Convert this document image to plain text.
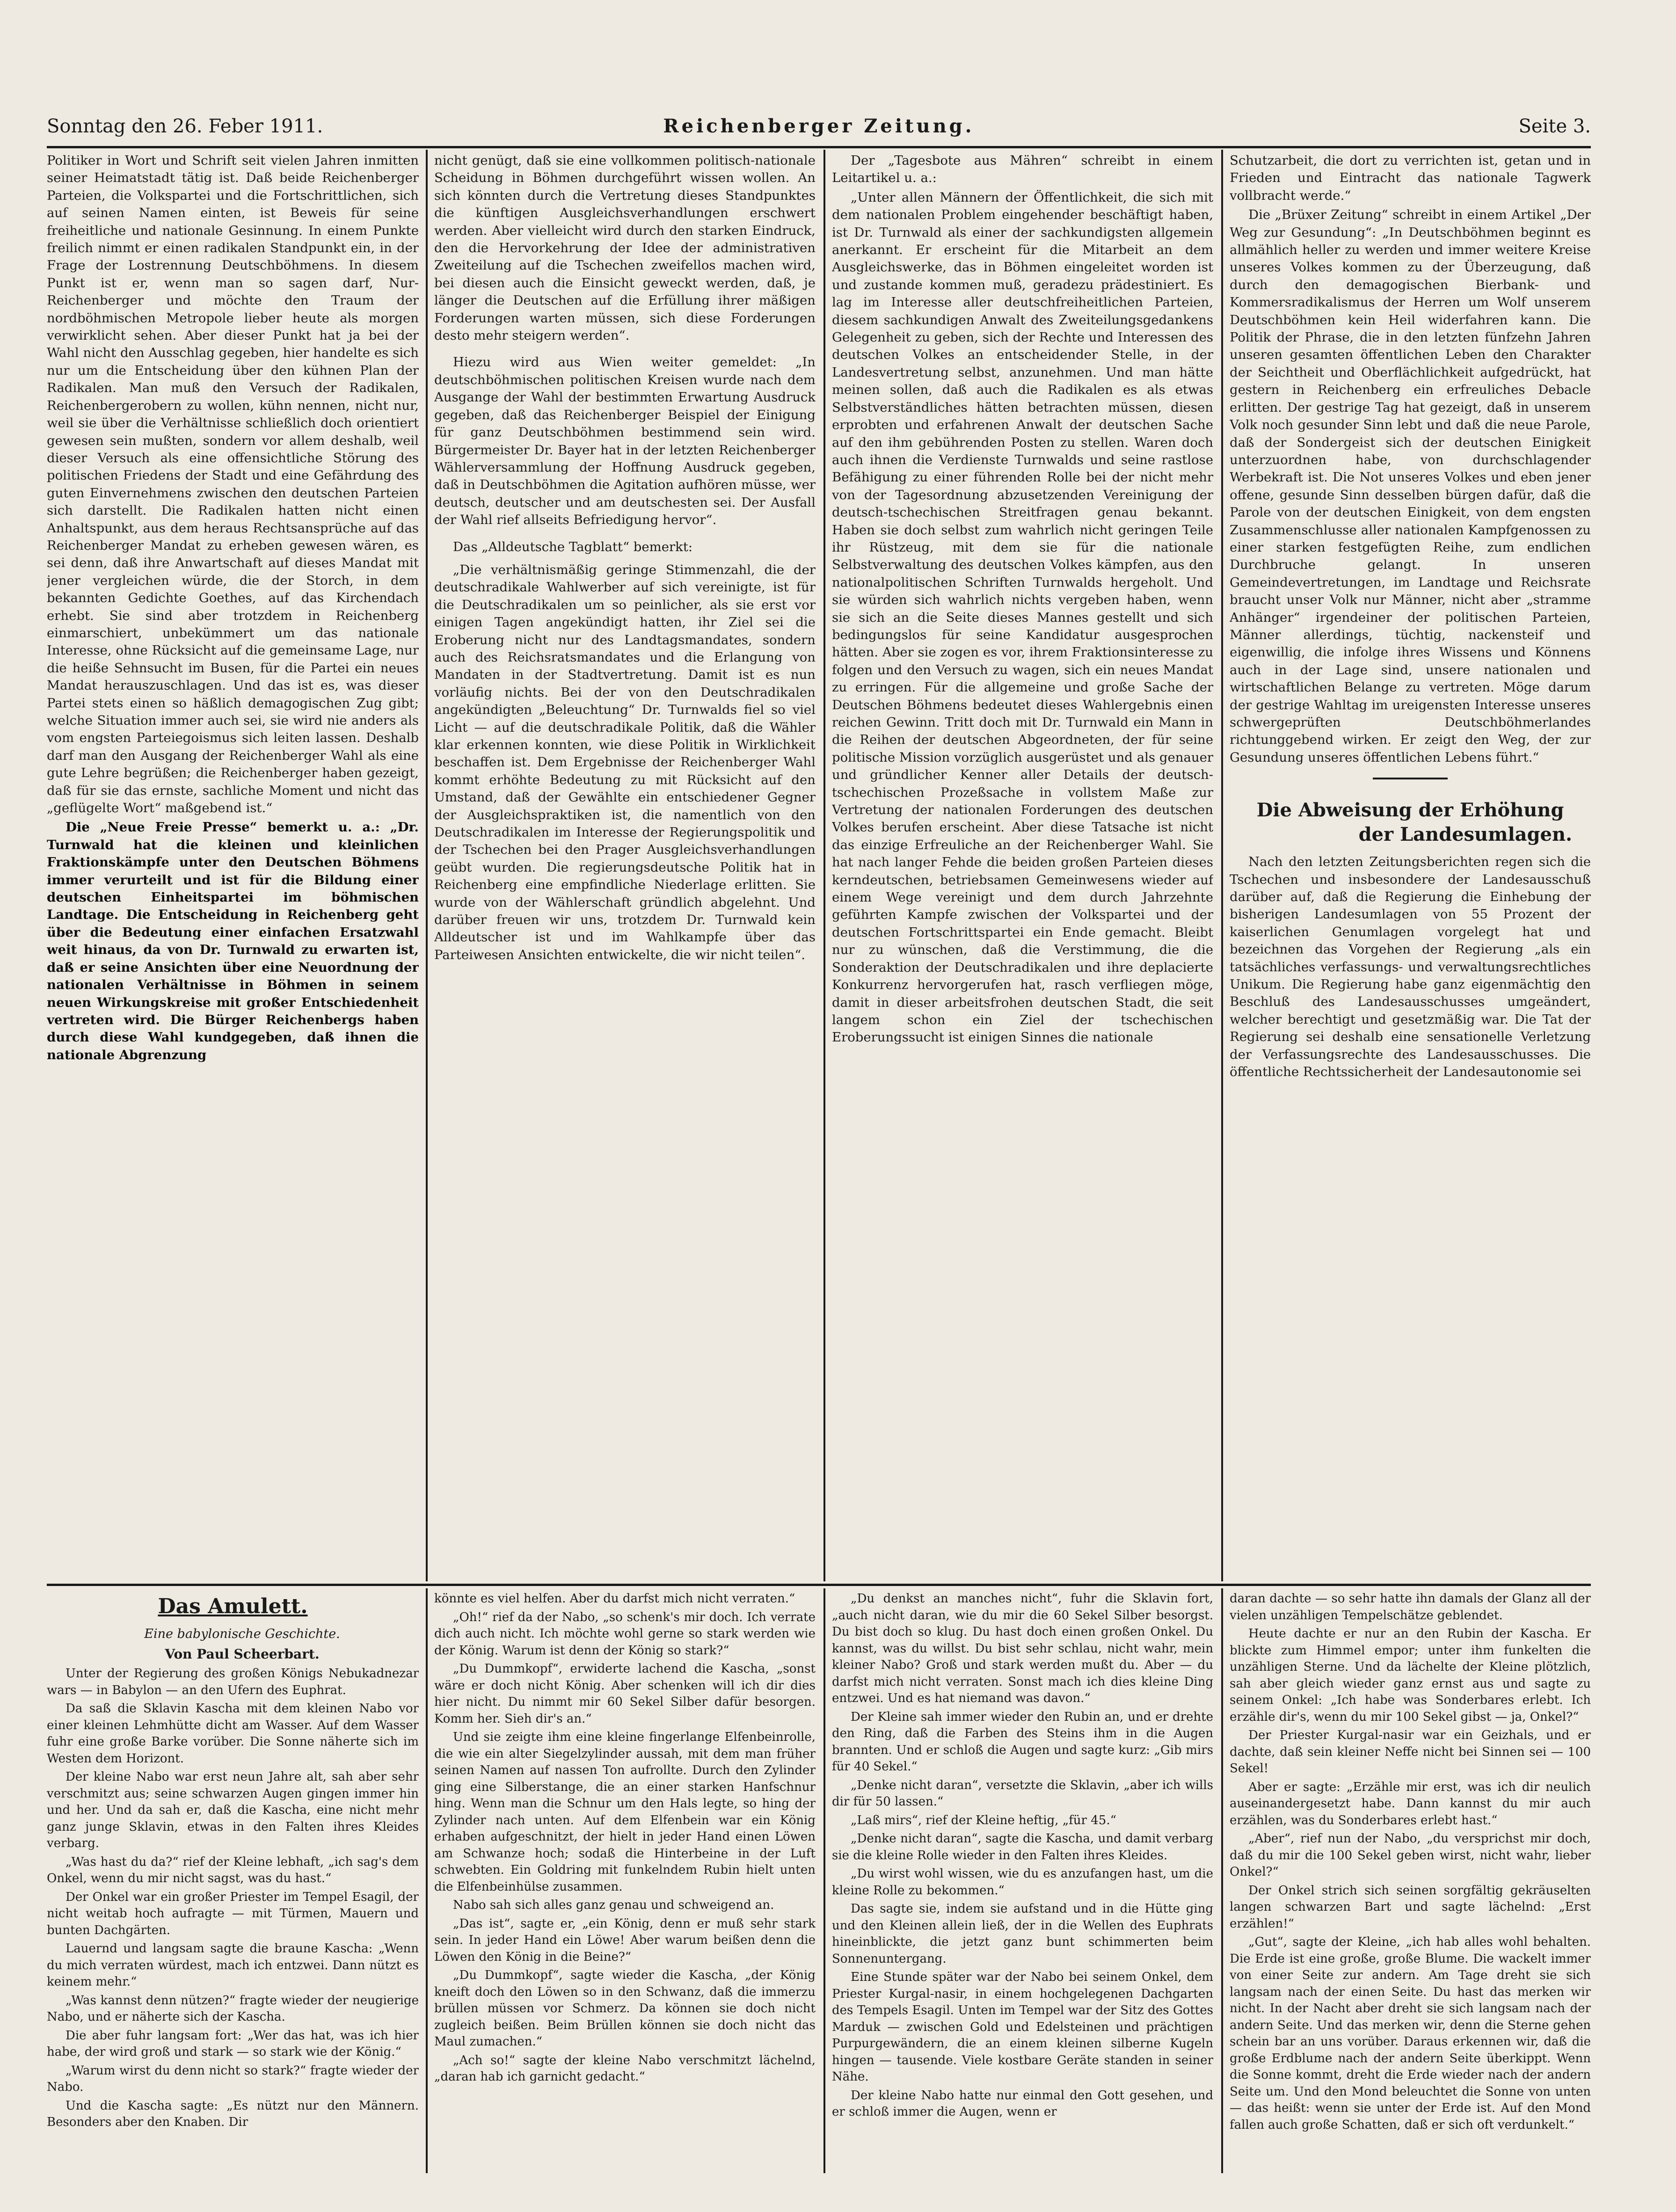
Sonntag den 26. Feber 1911.	Reichenberger Zeitung.	Seite 3.

Politiker in Wort und Schrift seit vielen Jahren inmitten seiner Heimatstadt tätig ist. Daß beide Reichenberger Parteien, die Volkspartei und die Fortschrittlichen, sich auf seinen Namen einten, ist Beweis für seine freiheitliche und nationale Gesinnung. In einem Punkte freilich nimmt er einen radikalen Standpunkt ein, in der Frage der Lostrennung Deutschböhmens. In diesem Punkt ist er, wenn man so sagen darf, Nur-Reichenberger und möchte den Traum der nordböhmischen Metropole lieber heute als morgen verwirklicht sehen. Aber dieser Punkt hat ja bei der Wahl nicht den Ausschlag gegeben, hier handelte es sich nur um die Entscheidung über den kühnen Plan der Radikalen. Man muß den Versuch der Radikalen, Reichenbergerobern zu wollen, kühn nennen, nicht nur, weil sie über die Verhältnisse schließlich doch orientiert gewesen sein mußten, sondern vor allem deshalb, weil dieser Versuch als eine offensichtliche Störung des politischen Friedens der Stadt und eine Gefährdung des guten Einvernehmens zwischen den deutschen Parteien sich darstellt. Die Radikalen hatten nicht einen Anhaltspunkt, aus dem heraus Rechtsansprüche auf das Reichenberger Mandat zu erheben gewesen wären, es sei denn, daß ihre Anwartschaft auf dieses Mandat mit jener vergleichen würde, die der Storch, in dem bekannten Gedichte Goethes, auf das Kirchendach erhebt. Sie sind aber trotzdem in Reichenberg einmarschiert, unbekümmert um das nationale Interesse, ohne Rücksicht auf die gemeinsame Lage, nur die heiße Sehnsucht im Busen, für die Partei ein neues Mandat herauszuschlagen. Und das ist es, was dieser Partei stets einen so häßlich demagogischen Zug gibt; welche Situation immer auch sei, sie wird nie anders als vom engsten Parteiegoismus sich leiten lassen. Deshalb darf man den Ausgang der Reichenberger Wahl als eine gute Lehre begrüßen; die Reichenberger haben gezeigt, daß für sie das ernste, sachliche Moment und nicht das „geflügelte Wort“ maßgebend ist.“

Die „Neue Freie Presse“ bemerkt u. a.: „Dr. Turnwald hat die kleinen und kleinlichen Fraktionskämpfe unter den Deutschen Böhmens immer verurteilt und ist für die Bildung einer deutschen Einheitspartei im böhmischen Landtage. Die Entscheidung in Reichenberg geht über die Bedeutung einer einfachen Ersatzwahl weit hinaus, da von Dr. Turnwald zu erwarten ist, daß er seine Ansichten über eine Neuordnung der nationalen Verhältnisse in Böhmen in seinem neuen Wirkungskreise mit großer Entschiedenheit vertreten wird. Die Bürger Reichenbergs haben durch diese Wahl kundgegeben, daß ihnen die nationale Abgrenzung

nicht genügt, daß sie eine vollkommen politisch-nationale Scheidung in Böhmen durchgeführt wissen wollen. An sich könnten durch die Vertretung dieses Standpunktes die künftigen Ausgleichsverhandlungen erschwert werden. Aber vielleicht wird durch den starken Eindruck, den die Hervorkehrung der Idee der administrativen Zweiteilung auf die Tschechen zweifellos machen wird, bei diesen auch die Einsicht geweckt werden, daß, je länger die Deutschen auf die Erfüllung ihrer mäßigen Forderungen warten müssen, sich diese Forderungen desto mehr steigern werden“.

Hiezu wird aus Wien weiter gemeldet: „In deutschböhmischen politischen Kreisen wurde nach dem Ausgange der Wahl der bestimmten Erwartung Ausdruck gegeben, daß das Reichenberger Beispiel der Einigung für ganz Deutschböhmen bestimmend sein wird. Bürgermeister Dr. Bayer hat in der letzten Reichenberger Wählerversammlung der Hoffnung Ausdruck gegeben, daß in Deutschböhmen die Agitation aufhören müsse, wer deutsch, deutscher und am deutschesten sei. Der Ausfall der Wahl rief allseits Befriedigung hervor“.

Das „Alldeutsche Tagblatt“ bemerkt:

„Die verhältnismäßig geringe Stimmenzahl, die der deutschradikale Wahlwerber auf sich vereinigte, ist für die Deutschradikalen um so peinlicher, als sie erst vor einigen Tagen angekündigt hatten, ihr Ziel sei die Eroberung nicht nur des Landtagsmandates, sondern auch des Reichsratsmandates und die Erlangung von Mandaten in der Stadtvertretung. Damit ist es nun vorläufig nichts. Bei der von den Deutschradikalen angekündigten „Beleuchtung“ Dr. Turnwalds fiel so viel Licht — auf die deutschradikale Politik, daß die Wähler klar erkennen konnten, wie diese Politik in Wirklichkeit beschaffen ist. Dem Ergebnisse der Reichenberger Wahl kommt erhöhte Bedeutung zu mit Rücksicht auf den Umstand, daß der Gewählte ein entschiedener Gegner der Ausgleichspraktiken ist, die namentlich von den Deutschradikalen im Interesse der Regierungspolitik und der Tschechen bei den Prager Ausgleichsverhandlungen geübt wurden. Die regierungsdeutsche Politik hat in Reichenberg eine empfindliche Niederlage erlitten. Sie wurde von der Wählerschaft gründlich abgelehnt. Und darüber freuen wir uns, trotzdem Dr. Turnwald kein Alldeutscher ist und im Wahlkampfe über das Parteiwesen Ansichten entwickelte, die wir nicht teilen“.

Der „Tagesbote aus Mähren“ schreibt in einem Leitartikel u. a.:

„Unter allen Männern der Öffentlichkeit, die sich mit dem nationalen Problem eingehender beschäftigt haben, ist Dr. Turnwald als einer der sachkundigsten allgemein anerkannt. Er erscheint für die Mitarbeit an dem Ausgleichswerke, das in Böhmen eingeleitet worden ist und zustande kommen muß, geradezu prädestiniert. Es lag im Interesse aller deutschfreiheitlichen Parteien, diesem sachkundigen Anwalt des Zweiteilungsgedankens Gelegenheit zu geben, sich der Rechte und Interessen des deutschen Volkes an entscheidender Stelle, in der Landesvertretung selbst, anzunehmen. Und man hätte meinen sollen, daß auch die Radikalen es als etwas Selbstverständliches hätten betrachten müssen, diesen erprobten und erfahrenen Anwalt der deutschen Sache auf den ihm gebührenden Posten zu stellen. Waren doch auch ihnen die Verdienste Turnwalds und seine rastlose Befähigung zu einer führenden Rolle bei der nicht mehr von der Tagesordnung abzusetzenden Vereinigung der deutsch-tschechischen Streitfragen genau bekannt. Haben sie doch selbst zum wahrlich nicht geringen Teile ihr Rüstzeug, mit dem sie für die nationale Selbstverwaltung des deutschen Volkes kämpfen, aus den nationalpolitischen Schriften Turnwalds hergeholt. Und sie würden sich wahrlich nichts vergeben haben, wenn sie sich an die Seite dieses Mannes gestellt und sich bedingungslos für seine Kandidatur ausgesprochen hätten. Aber sie zogen es vor, ihrem Fraktionsinteresse zu folgen und den Versuch zu wagen, sich ein neues Mandat zu erringen. Für die allgemeine und große Sache der Deutschen Böhmens bedeutet dieses Wahlergebnis einen reichen Gewinn. Tritt doch mit Dr. Turnwald ein Mann in die Reihen der deutschen Abgeordneten, der für seine politische Mission vorzüglich ausgerüstet und als genauer und gründlicher Kenner aller Details der deutsch-tschechischen Prozeßsache in vollstem Maße zur Vertretung der nationalen Forderungen des deutschen Volkes berufen erscheint. Aber diese Tatsache ist nicht das einzige Erfreuliche an der Reichenberger Wahl. Sie hat nach langer Fehde die beiden großen Parteien dieses kerndeutschen, betriebsamen Gemeinwesens wieder auf einem Wege vereinigt und dem durch Jahrzehnte geführten Kampfe zwischen der Volkspartei und der deutschen Fortschrittspartei ein Ende gemacht. Bleibt nur zu wünschen, daß die Verstimmung, die die Sonderaktion der Deutschradikalen und ihre deplacierte Konkurrenz hervorgerufen hat, rasch verfliegen möge, damit in dieser arbeitsfrohen deutschen Stadt, die seit langem schon ein Ziel der tschechischen Eroberungssucht ist einigen Sinnes die nationale

Schutzarbeit, die dort zu verrichten ist, getan und in Frieden und Eintracht das nationale Tagwerk vollbracht werde.“

Die „Brüxer Zeitung“ schreibt in einem Artikel „Der Weg zur Gesundung“: „In Deutschböhmen beginnt es allmählich heller zu werden und immer weitere Kreise unseres Volkes kommen zu der Überzeugung, daß durch den demagogischen Bierbank- und Kommersradikalismus der Herren um Wolf unserem Deutschböhmen kein Heil widerfahren kann. Die Politik der Phrase, die in den letzten fünfzehn Jahren unseren gesamten öffentlichen Leben den Charakter der Seichtheit und Oberflächlichkeit aufgedrückt, hat gestern in Reichenberg ein erfreuliches Debacle erlitten. Der gestrige Tag hat gezeigt, daß in unserem Volk noch gesunder Sinn lebt und daß die neue Parole, daß der Sondergeist sich der deutschen Einigkeit unterzuordnen habe, von durchschlagender Werbekraft ist. Die Not unseres Volkes und eben jener offene, gesunde Sinn desselben bürgen dafür, daß die Parole von der deutschen Einigkeit, von dem engsten Zusammenschlusse aller nationalen Kampfgenossen zu einer starken festgefügten Reihe, zum endlichen Durchbruche gelangt. In unseren Gemeindevertretungen, im Landtage und Reichsrate braucht unser Volk nur Männer, nicht aber „stramme Anhänger“ irgendeiner der politischen Parteien, Männer allerdings, tüchtig, nackensteif und eigenwillig, die infolge ihres Wissens und Könnens auch in der Lage sind, unsere nationalen und wirtschaftlichen Belange zu vertreten. Möge darum der gestrige Wahltag im ureigensten Interesse unseres schwergeprüften Deutschböhmerlandes richtunggebend wirken. Er zeigt den Weg, der zur Gesundung unseres öffentlichen Lebens führt.“

Die Abweisung der Erhöhung
der Landesumlagen.

Nach den letzten Zeitungsberichten regen sich die Tschechen und insbesondere der Landesausschuß darüber auf, daß die Regierung die Einhebung der bisherigen Landesumlagen von 55 Prozent der kaiserlichen Genumlagen vorgelegt hat und bezeichnen das Vorgehen der Regierung „als ein tatsächliches verfassungs- und verwaltungsrechtliches Unikum. Die Regierung habe ganz eigenmächtig den Beschluß des Landesausschusses umgeändert, welcher berechtigt und gesetzmäßig war. Die Tat der Regierung sei deshalb eine sensationelle Verletzung der Verfassungsrechte des Landesausschusses. Die öffentliche Rechtssicherheit der Landesautonomie sei

Das Amulett.

Eine babylonische Geschichte.

Von Paul Scheerbart.

Unter der Regierung des großen Königs Nebukadnezar wars — in Babylon — an den Ufern des Euphrat.

Da saß die Sklavin Kascha mit dem kleinen Nabo vor einer kleinen Lehmhütte dicht am Wasser. Auf dem Wasser fuhr eine große Barke vorüber. Die Sonne näherte sich im Westen dem Horizont.

Der kleine Nabo war erst neun Jahre alt, sah aber sehr verschmitzt aus; seine schwarzen Augen gingen immer hin und her. Und da sah er, daß die Kascha, eine nicht mehr ganz junge Sklavin, etwas in den Falten ihres Kleides verbarg.

„Was hast du da?“ rief der Kleine lebhaft, „ich sag's dem Onkel, wenn du mir nicht sagst, was du hast.“

Der Onkel war ein großer Priester im Tempel Esagil, der nicht weitab hoch aufragte — mit Türmen, Mauern und bunten Dachgärten.

Lauernd und langsam sagte die braune Kascha: „Wenn du mich verraten würdest, mach ich entzwei. Dann nützt es keinem mehr.“

„Was kannst denn nützen?“ fragte wieder der neugierige Nabo, und er näherte sich der Kascha.

Die aber fuhr langsam fort: „Wer das hat, was ich hier habe, der wird groß und stark — so stark wie der König.“

„Warum wirst du denn nicht so stark?“ fragte wieder der Nabo.

Und die Kascha sagte: „Es nützt nur den Männern. Besonders aber den Knaben. Dir

könnte es viel helfen. Aber du darfst mich nicht verraten.“

„Oh!“ rief da der Nabo, „so schenk's mir doch. Ich verrate dich auch nicht. Ich möchte wohl gerne so stark werden wie der König. Warum ist denn der König so stark?“

„Du Dummkopf“, erwiderte lachend die Kascha, „sonst wäre er doch nicht König. Aber schenken will ich dir dies hier nicht. Du nimmt mir 60 Sekel Silber dafür besorgen. Komm her. Sieh dir's an.“

Und sie zeigte ihm eine kleine fingerlange Elfenbeinrolle, die wie ein alter Siegelzylinder aussah, mit dem man früher seinen Namen auf nassen Ton aufrollte. Durch den Zylinder ging eine Silberstange, die an einer starken Hanfschnur hing. Wenn man die Schnur um den Hals legte, so hing der Zylinder nach unten. Auf dem Elfenbein war ein König erhaben aufgeschnitzt, der hielt in jeder Hand einen Löwen am Schwanze hoch; sodaß die Hinterbeine in der Luft schwebten. Ein Goldring mit funkelndem Rubin hielt unten die Elfenbeinhülse zusammen.

Nabo sah sich alles ganz genau und schweigend an.

„Das ist“, sagte er, „ein König, denn er muß sehr stark sein. In jeder Hand ein Löwe! Aber warum beißen denn die Löwen den König in die Beine?“

„Du Dummkopf“, sagte wieder die Kascha, „der König kneift doch den Löwen so in den Schwanz, daß die immerzu brüllen müssen vor Schmerz. Da können sie doch nicht zugleich beißen. Beim Brüllen können sie doch nicht das Maul zumachen.“

„Ach so!“ sagte der kleine Nabo verschmitzt lächelnd, „daran hab ich garnicht gedacht.“

„Du denkst an manches nicht“, fuhr die Sklavin fort, „auch nicht daran, wie du mir die 60 Sekel Silber besorgst. Du bist doch so klug. Du hast doch einen großen Onkel. Du kannst, was du willst. Du bist sehr schlau, nicht wahr, mein kleiner Nabo? Groß und stark werden mußt du. Aber — du darfst mich nicht verraten. Sonst mach ich dies kleine Ding entzwei. Und es hat niemand was davon.“

Der Kleine sah immer wieder den Rubin an, und er drehte den Ring, daß die Farben des Steins ihm in die Augen brannten. Und er schloß die Augen und sagte kurz: „Gib mirs für 40 Sekel.“

„Denke nicht daran“, versetzte die Sklavin, „aber ich wills dir für 50 lassen.“

„Laß mirs“, rief der Kleine heftig, „für 45.“

„Denke nicht daran“, sagte die Kascha, und damit verbarg sie die kleine Rolle wieder in den Falten ihres Kleides.

„Du wirst wohl wissen, wie du es anzufangen hast, um die kleine Rolle zu bekommen.“

Das sagte sie, indem sie aufstand und in die Hütte ging und den Kleinen allein ließ, der in die Wellen des Euphrats hineinblickte, die jetzt ganz bunt schimmerten beim Sonnenuntergang.

Eine Stunde später war der Nabo bei seinem Onkel, dem Priester Kurgal-nasir, in einem hochgelegenen Dachgarten des Tempels Esagil. Unten im Tempel war der Sitz des Gottes Marduk — zwischen Gold und Edelsteinen und prächtigen Purpurgewändern, die an einem kleinen silberne Kugeln hingen — tausende. Viele kostbare Geräte standen in seiner Nähe.

Der kleine Nabo hatte nur einmal den Gott gesehen, und er schloß immer die Augen, wenn er

daran dachte — so sehr hatte ihn damals der Glanz all der vielen unzähligen Tempelschätze geblendet.

Heute dachte er nur an den Rubin der Kascha. Er blickte zum Himmel empor; unter ihm funkelten die unzähligen Sterne. Und da lächelte der Kleine plötzlich, sah aber gleich wieder ganz ernst aus und sagte zu seinem Onkel: „Ich habe was Sonderbares erlebt. Ich erzähle dir's, wenn du mir 100 Sekel gibst — ja, Onkel?“

Der Priester Kurgal-nasir war ein Geizhals, und er dachte, daß sein kleiner Neffe nicht bei Sinnen sei — 100 Sekel!

Aber er sagte: „Erzähle mir erst, was ich dir neulich auseinandergesetzt habe. Dann kannst du mir auch erzählen, was du Sonderbares erlebt hast.“

„Aber“, rief nun der Nabo, „du versprichst mir doch, daß du mir die 100 Sekel geben wirst, nicht wahr, lieber Onkel?“

Der Onkel strich sich seinen sorgfältig gekräuselten langen schwarzen Bart und sagte lächelnd: „Erst erzählen!“

„Gut“, sagte der Kleine, „ich hab alles wohl behalten. Die Erde ist eine große, große Blume. Die wackelt immer von einer Seite zur andern. Am Tage dreht sie sich langsam nach der einen Seite. Du hast das merken wir nicht. In der Nacht aber dreht sie sich langsam nach der andern Seite. Und das merken wir, denn die Sterne gehen schein bar an uns vorüber. Daraus erkennen wir, daß die große Erdblume nach der andern Seite überkippt. Wenn die Sonne kommt, dreht die Erde wieder nach der andern Seite um. Und den Mond beleuchtet die Sonne von unten — das heißt: wenn sie unter der Erde ist. Auf den Mond fallen auch große Schatten, daß er sich oft verdunkelt.“
